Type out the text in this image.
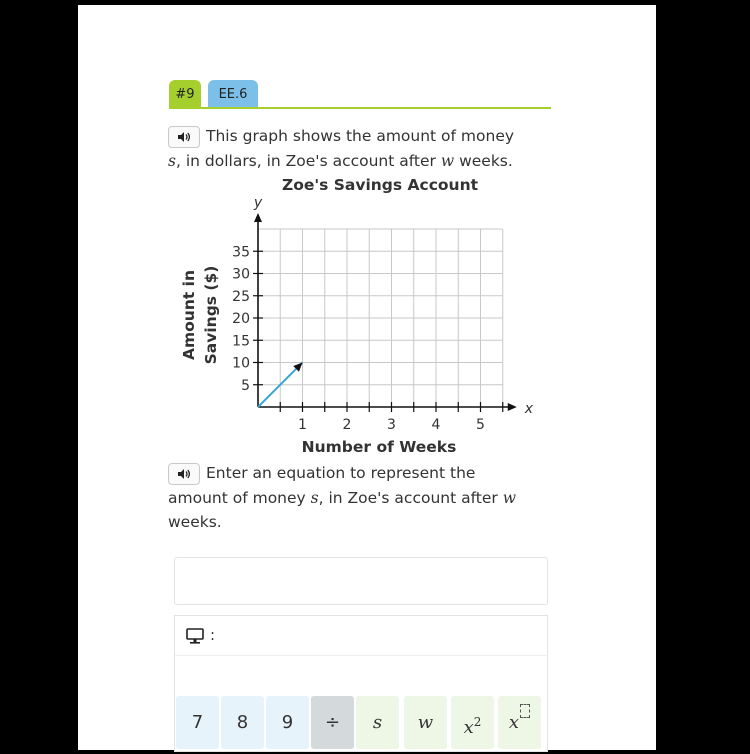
#9	EE.6
This graph shows the amount of money
s, in dollars, in Zoe's account after w weeks.
Zoe's Savings Account
1	2	3	4	5
5
10
15
20
25
30
35
x
y
Number of Weeks
Amount in Savings ($)
Enter an equation to represent the
amount of money s, in Zoe's account after w
weeks.
:
7	8	9	÷	s	w	$x^2$	x
